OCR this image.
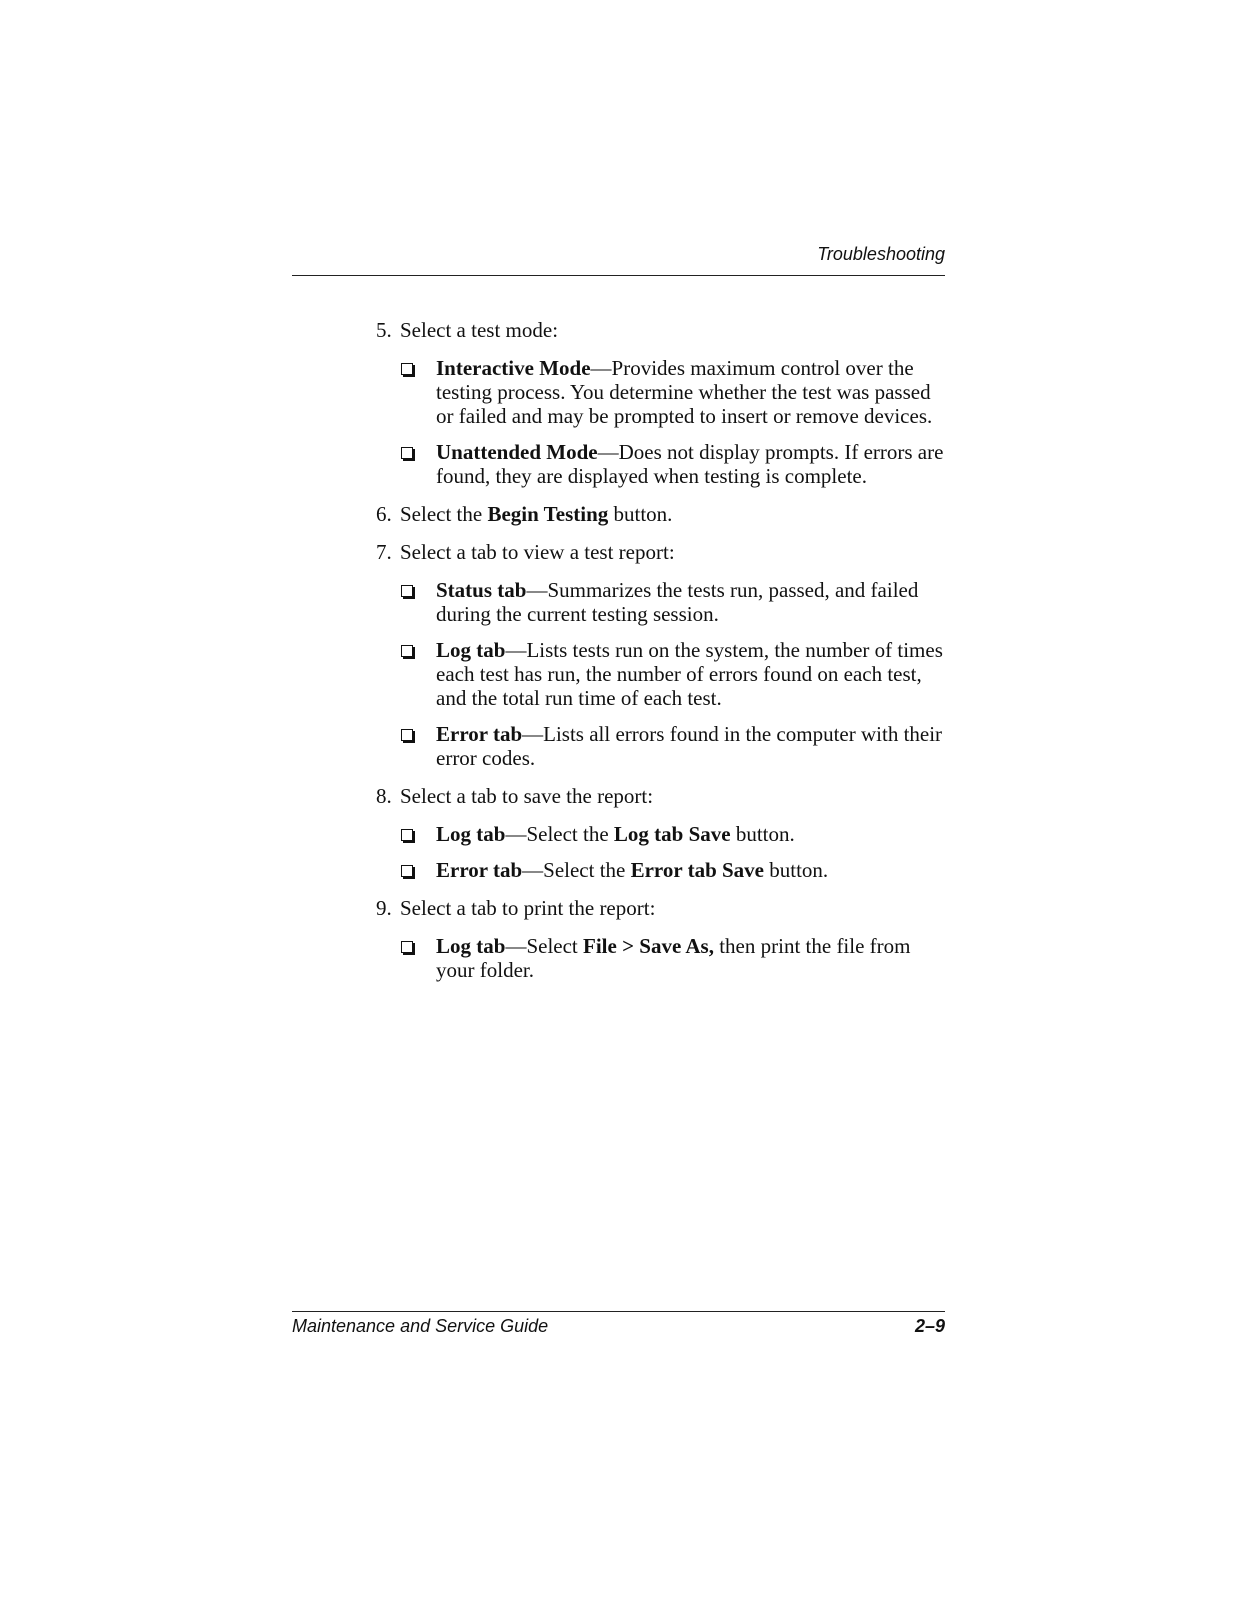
Troubleshooting

5. Select a test mode:
Interactive Mode—Provides maximum control over the testing process. You determine whether the test was passed or failed and may be prompted to insert or remove devices.
Unattended Mode—Does not display prompts. If errors are found, they are displayed when testing is complete.
6. Select the Begin Testing button.
7. Select a tab to view a test report:
Status tab—Summarizes the tests run, passed, and failed during the current testing session.
Log tab—Lists tests run on the system, the number of times each test has run, the number of errors found on each test, and the total run time of each test.
Error tab—Lists all errors found in the computer with their error codes.
8. Select a tab to save the report:
Log tab—Select the Log tab Save button.
Error tab—Select the Error tab Save button.
9. Select a tab to print the report:
Log tab—Select File > Save As, then print the file from your folder.

Maintenance and Service Guide	2–9
